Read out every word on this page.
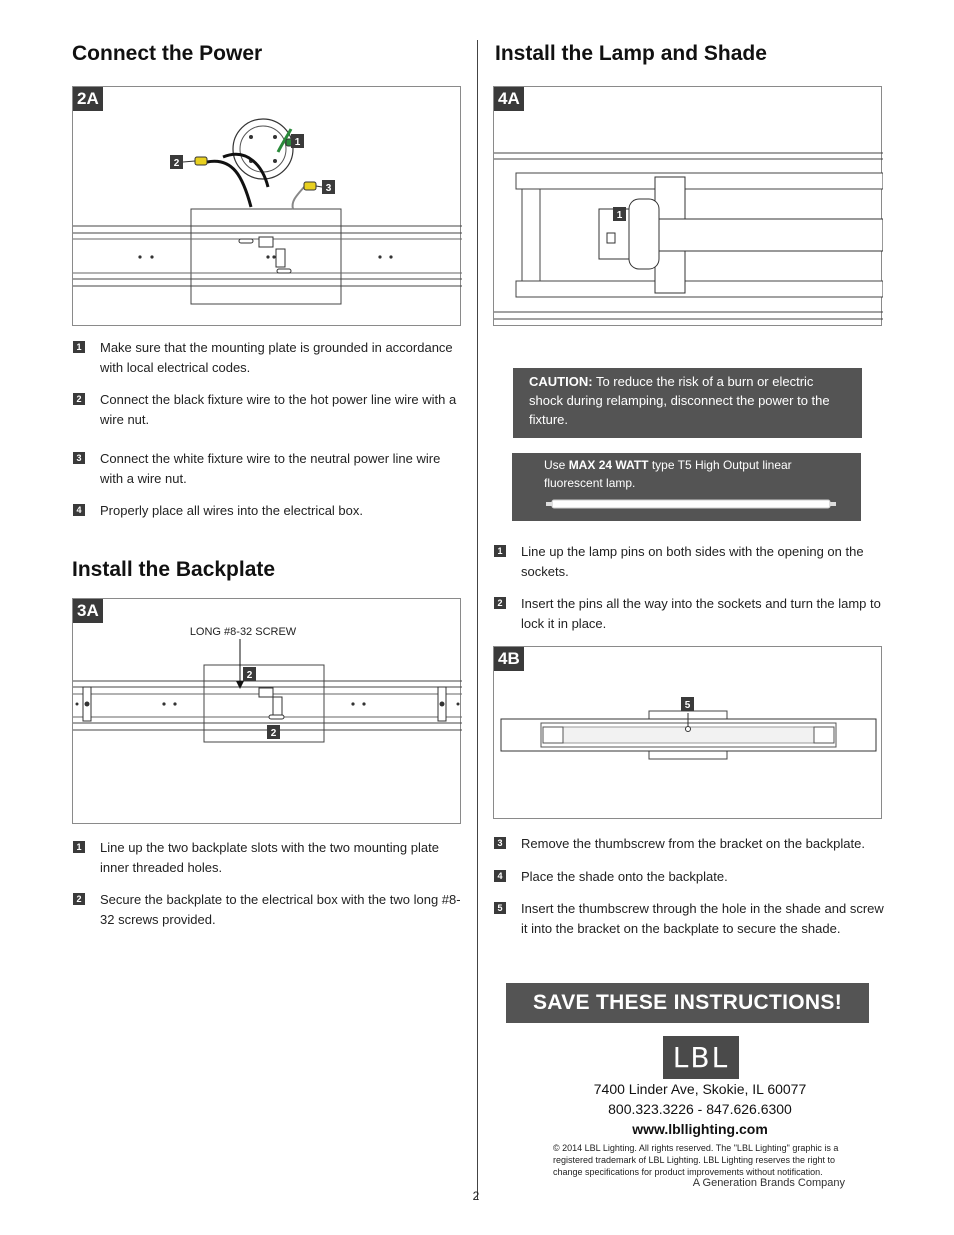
Connect the Power
1
2
3
2A
1 Make sure that the mounting plate is grounded in accordance with local electrical codes.
2 Connect the black fixture wire to the hot power line wire with a wire nut.
3 Connect the white fixture wire to the neutral power line wire with a wire nut.
4 Properly place all wires into the electrical box.
Install the Backplate
2
2
LONG #8-32 SCREW
3A
1 Line up the two backplate slots with the two mounting plate inner threaded holes.
2 Secure the backplate to the electrical box with the two long #8-32 screws provided.
Install the Lamp and Shade
1
4A
CAUTION: To reduce the risk of a burn or electric shock during relamping, disconnect the power to the fixture.
Use MAX 24 WATT type T5 High Output linear fluorescent lamp.
1 Line up the lamp pins on both sides with the opening on the sockets.
2 Insert the pins all the way into the sockets and turn the lamp to lock it in place.
5
4B
3 Remove the thumbscrew from the bracket on the backplate.
4 Place the shade onto the backplate.
5 Insert the thumbscrew through the hole in the shade and screw it into the bracket on the backplate to secure the shade.
SAVE THESE INSTRUCTIONS!
LBL
7400 Linder Ave, Skokie, IL 60077
800.323.3226 - 847.626.6300
www.lbllighting.com
© 2014 LBL Lighting. All rights reserved. The "LBL Lighting" graphic is a registered trademark of LBL Lighting. LBL Lighting reserves the right to change specifications for product improvements without notification.
A Generation Brands Company
2
